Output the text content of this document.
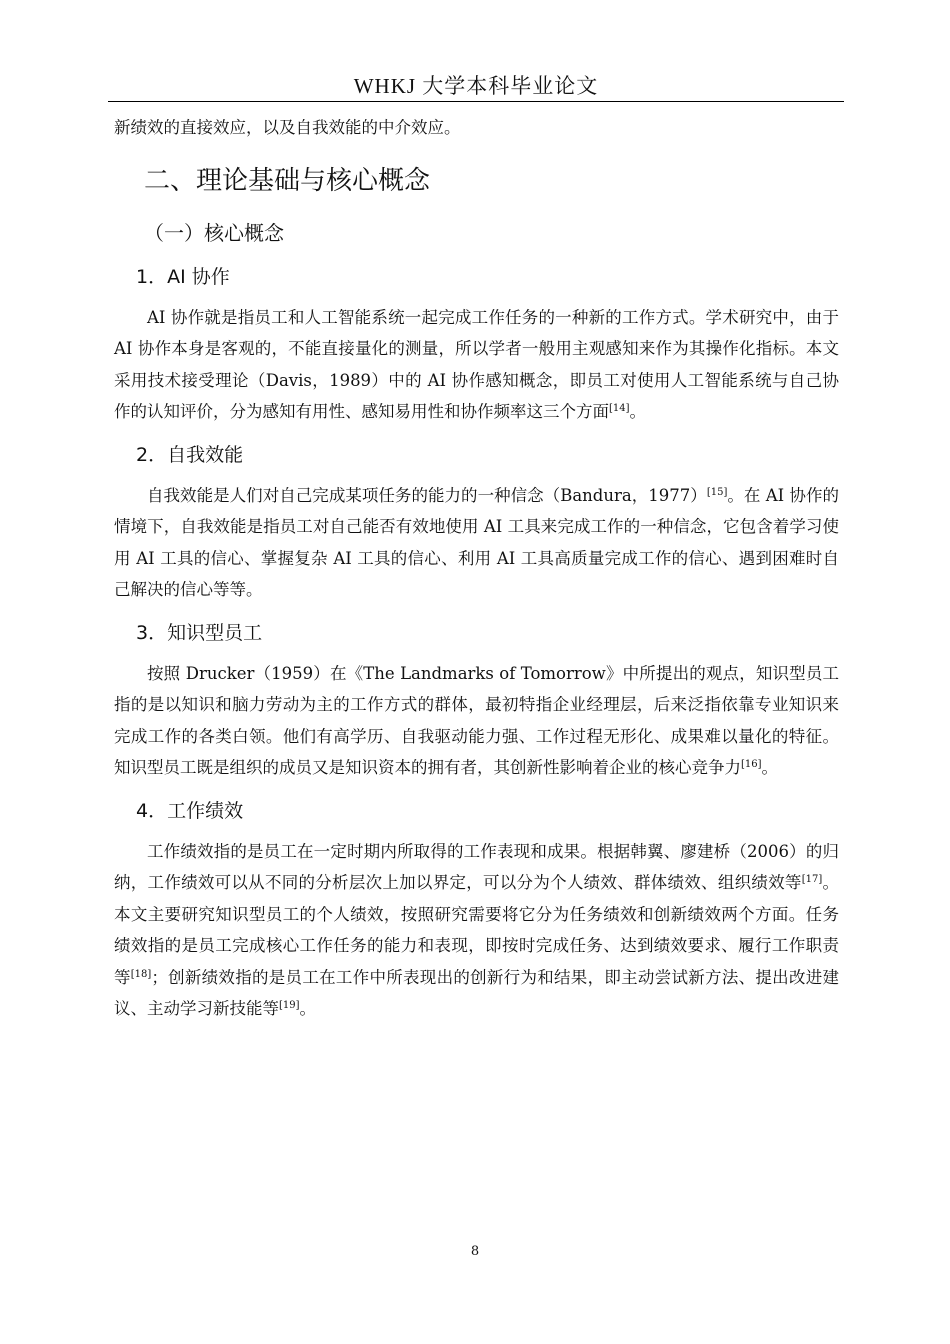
WHKJ 大学本科毕业论文

新绩效的直接效应，以及自我效能的中介效应。

二、理论基础与核心概念
（一）核心概念
1．AI 协作

AI 协作就是指员工和人工智能系统一起完成工作任务的一种新的工作方式。学术研究中，由于 AI 协作本身是客观的，不能直接量化的测量，所以学者一般用主观感知来作为其操作化指标。本文采用技术接受理论（Davis，1989）中的 AI 协作感知概念，即员工对使用人工智能系统与自己协作的认知评价，分为感知有用性、感知易用性和协作频率这三个方面[14]。

2．自我效能

自我效能是人们对自己完成某项任务的能力的一种信念（Bandura，1977）[15]。在 AI 协作的情境下，自我效能是指员工对自己能否有效地使用 AI 工具来完成工作的一种信念，它包含着学习使用 AI 工具的信心、掌握复杂 AI 工具的信心、利用 AI 工具高质量完成工作的信心、遇到困难时自己解决的信心等等。

3．知识型员工

按照 Drucker（1959）在《The Landmarks of Tomorrow》中所提出的观点，知识型员工指的是以知识和脑力劳动为主的工作方式的群体，最初特指企业经理层，后来泛指依靠专业知识来完成工作的各类白领。他们有高学历、自我驱动能力强、工作过程无形化、成果难以量化的特征。知识型员工既是组织的成员又是知识资本的拥有者，其创新性影响着企业的核心竞争力[16]。

4．工作绩效

工作绩效指的是员工在一定时期内所取得的工作表现和成果。根据韩翼、廖建桥（2006）的归纳，工作绩效可以从不同的分析层次上加以界定，可以分为个人绩效、群体绩效、组织绩效等[17]。本文主要研究知识型员工的个人绩效，按照研究需要将它分为任务绩效和创新绩效两个方面。任务绩效指的是员工完成核心工作任务的能力和表现，即按时完成任务、达到绩效要求、履行工作职责等[18]；创新绩效指的是员工在工作中所表现出的创新行为和结果，即主动尝试新方法、提出改进建议、主动学习新技能等[19]。

8
